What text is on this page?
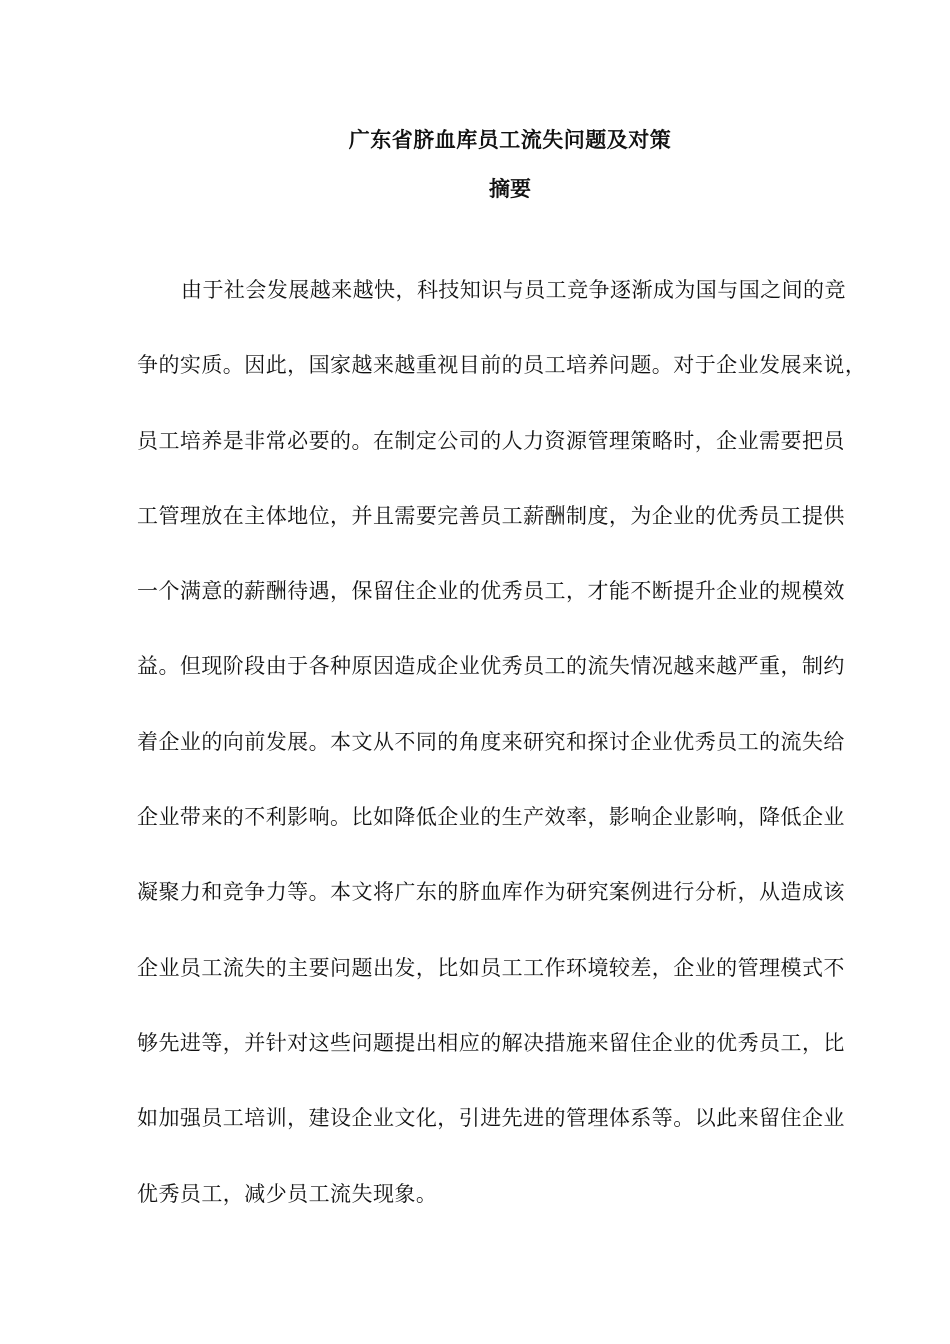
广东省脐血库员工流失问题及对策
摘要
由于社会发展越来越快，科技知识与员工竞争逐渐成为国与国之间的竞
争的实质。因此，国家越来越重视目前的员工培养问题。对于企业发展来说，
员工培养是非常必要的。在制定公司的人力资源管理策略时，企业需要把员
工管理放在主体地位，并且需要完善员工薪酬制度，为企业的优秀员工提供
一个满意的薪酬待遇，保留住企业的优秀员工，才能不断提升企业的规模效
益。但现阶段由于各种原因造成企业优秀员工的流失情况越来越严重，制约
着企业的向前发展。本文从不同的角度来研究和探讨企业优秀员工的流失给
企业带来的不利影响。比如降低企业的生产效率，影响企业影响，降低企业
凝聚力和竞争力等。本文将广东的脐血库作为研究案例进行分析，从造成该
企业员工流失的主要问题出发，比如员工工作环境较差，企业的管理模式不
够先进等，并针对这些问题提出相应的解决措施来留住企业的优秀员工，比
如加强员工培训，建设企业文化，引进先进的管理体系等。以此来留住企业
优秀员工，减少员工流失现象。
